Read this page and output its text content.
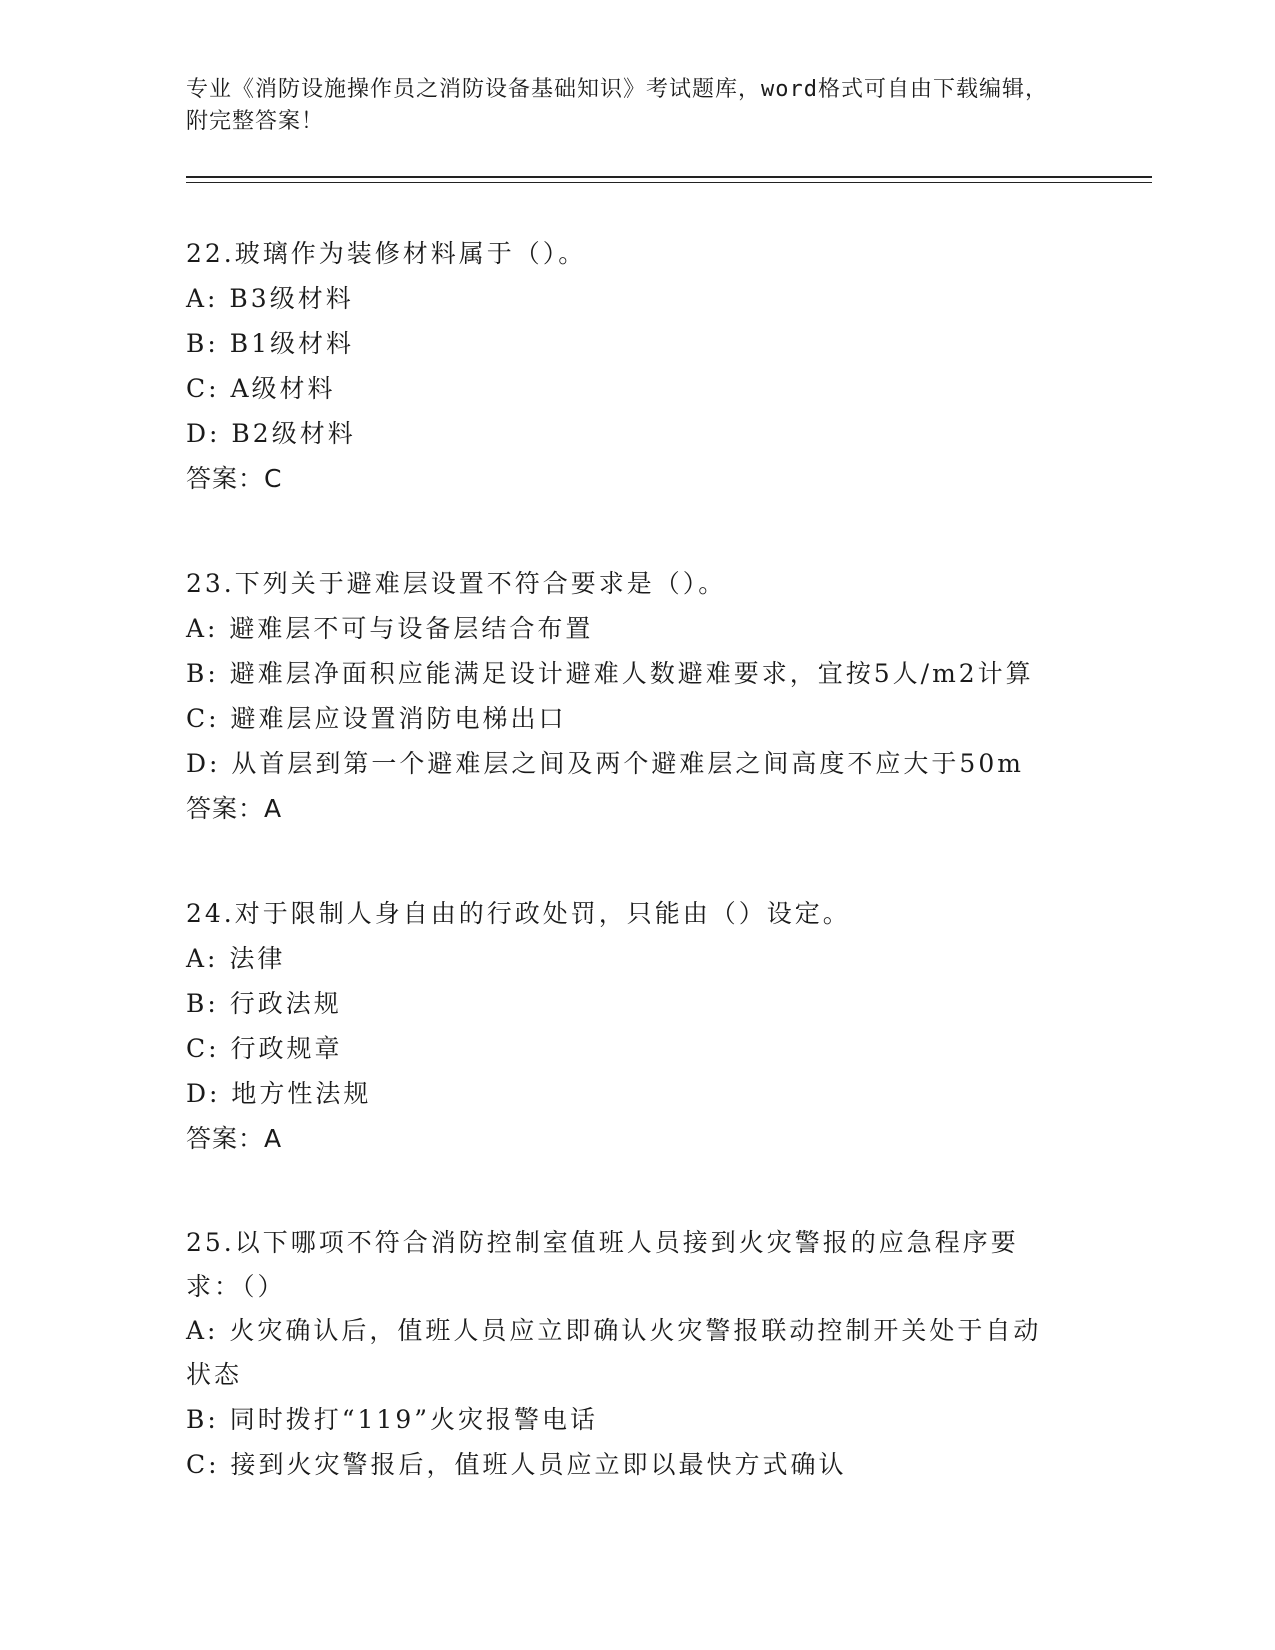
专业《消防设施操作员之消防设备基础知识》考试题库，word格式可自由下载编辑，附完整答案！

22.玻璃作为装修材料属于（）。

A: B3级材料

B: B1级材料

C: A级材料

D: B2级材料

答案：C

23.下列关于避难层设置不符合要求是（）。

A: 避难层不可与设备层结合布置

B: 避难层净面积应能满足设计避难人数避难要求，宜按5人/m2计算

C: 避难层应设置消防电梯出口

D: 从首层到第一个避难层之间及两个避难层之间高度不应大于50m

答案：A

24.对于限制人身自由的行政处罚，只能由（）设定。

A: 法律

B: 行政法规

C: 行政规章

D: 地方性法规

答案：A

25.以下哪项不符合消防控制室值班人员接到火灾警报的应急程序要求：（）

A: 火灾确认后，值班人员应立即确认火灾警报联动控制开关处于自动状态

B: 同时拨打“119”火灾报警电话

C: 接到火灾警报后，值班人员应立即以最快方式确认
